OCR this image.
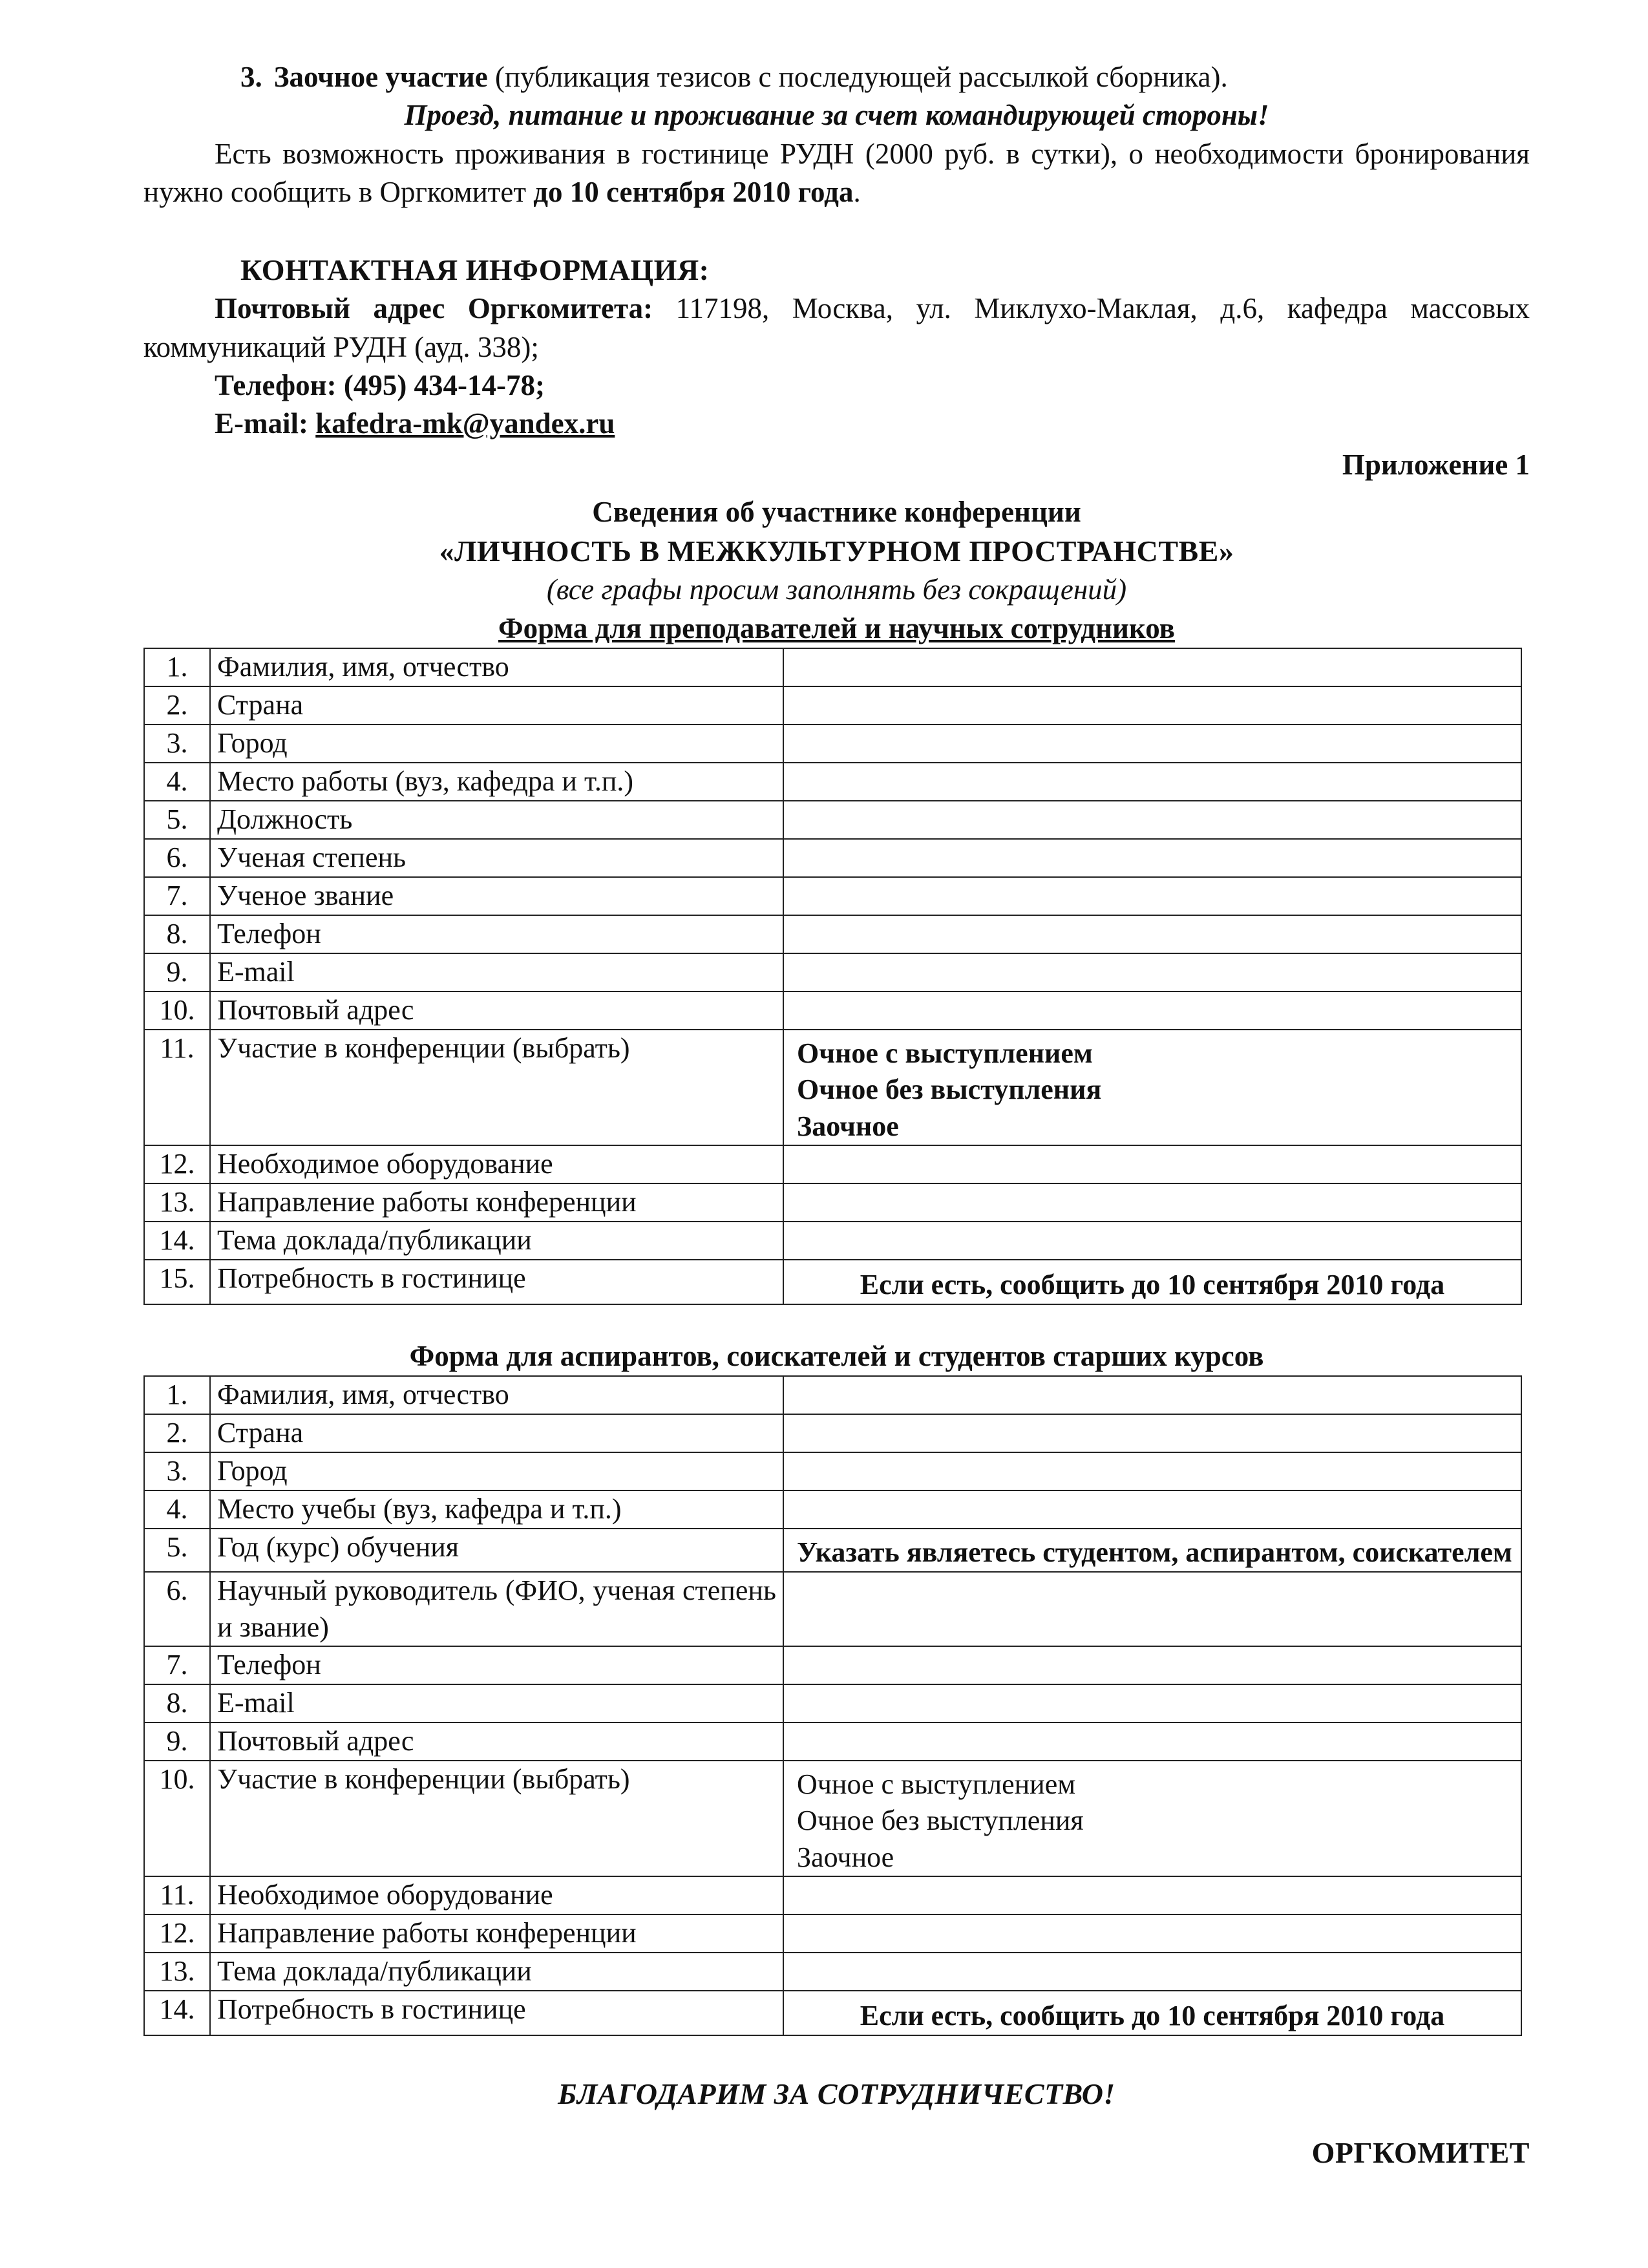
3. Заочное участие (публикация тезисов с последующей рассылкой сборника).

Проезд, питание и проживание за счет командирующей стороны!

Есть возможность проживания в гостинице РУДН (2000 руб. в сутки), о необходимости бронирования нужно сообщить в Оргкомитет до 10 сентября 2010 года.

КОНТАКТНАЯ ИНФОРМАЦИЯ:

Почтовый адрес Оргкомитета: 117198, Москва, ул. Миклухо-Маклая, д.6, кафедра массовых коммуникаций РУДН (ауд. 338);

Телефон: (495) 434-14-78;

E-mail: kafedra-mk@yandex.ru

Приложение 1

Сведения об участнике конференции

«ЛИЧНОСТЬ В МЕЖКУЛЬТУРНОМ ПРОСТРАНСТВЕ»

(все графы просим заполнять без сокращений)

Форма для преподавателей и научных сотрудников

1.	Фамилия, имя, отчество	
2.	Страна	
3.	Город	
4.	Место работы (вуз, кафедра и т.п.)	
5.	Должность	
6.	Ученая степень	
7.	Ученое звание	
8.	Телефон	
9.	E-mail	
10.	Почтовый адрес	
11.	Участие в конференции (выбрать)	Очное с выступлением
Очное без выступления
Заочное

12.	Необходимое оборудование	
13.	Направление работы конференции	
14.	Тема доклада/публикации	
15.	Потребность в гостинице	Если есть, сообщить до 10 сентября 2010 года

Форма для аспирантов, соискателей и студентов старших курсов

1.	Фамилия, имя, отчество	
2.	Страна	
3.	Город	
4.	Место учебы (вуз, кафедра и т.п.)	
5.	Год (курс) обучения	Указать являетесь студентом, аспирантом, соискателем
6.	Научный руководитель (ФИО, ученая степень и звание)	
7.	Телефон	
8.	E-mail	
9.	Почтовый адрес	
10.	Участие в конференции (выбрать)	Очное с выступлением
Очное без выступления
Заочное

11.	Необходимое оборудование	
12.	Направление работы конференции	
13.	Тема доклада/публикации	
14.	Потребность в гостинице	Если есть, сообщить до 10 сентября 2010 года

БЛАГОДАРИМ ЗА СОТРУДНИЧЕСТВО!

ОРГКОМИТЕТ
